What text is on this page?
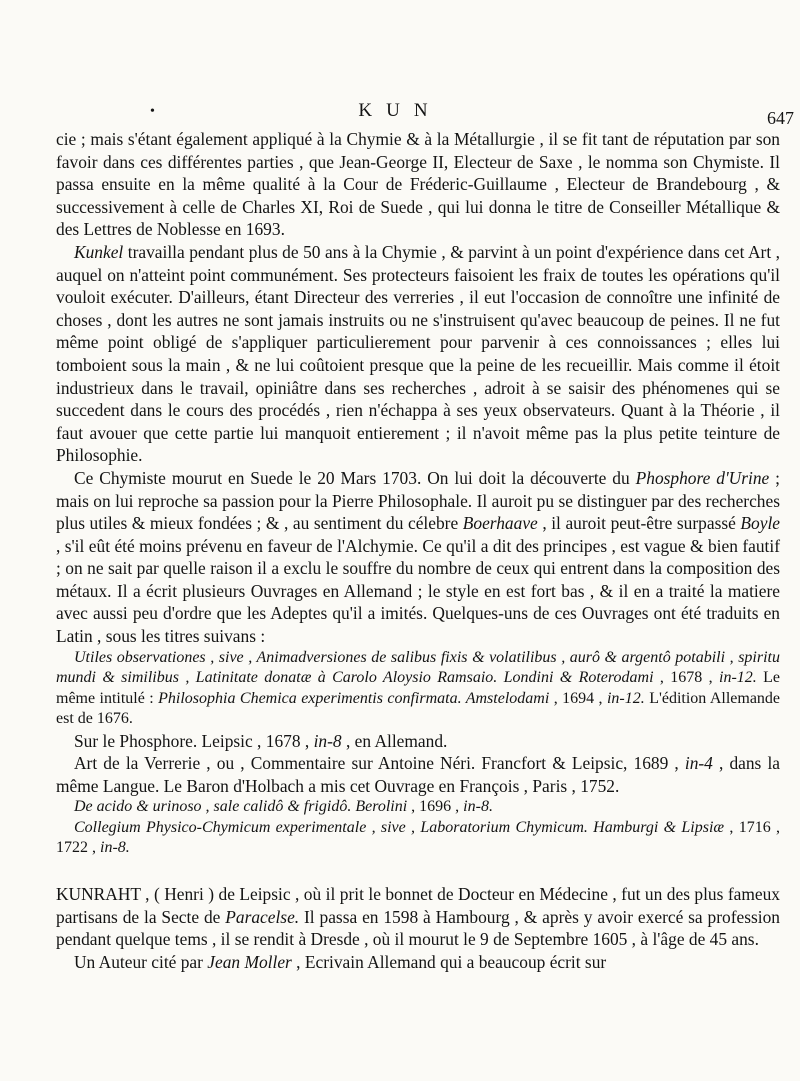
•	KUN	647

cie ; mais s'étant également appliqué à la Chymie & à la Métallurgie , il se fit tant de réputation par son favoir dans ces différentes parties , que Jean-George II, Electeur de Saxe , le nomma son Chymiste. Il passa ensuite en la même qualité à la Cour de Fréderic-Guillaume , Electeur de Brandebourg , & successivement à celle de Charles XI, Roi de Suede , qui lui donna le titre de Conseiller Métallique & des Lettres de Noblesse en 1693.

Kunkel travailla pendant plus de 50 ans à la Chymie , & parvint à un point d'expérience dans cet Art , auquel on n'atteint point communément. Ses protecteurs faisoient les fraix de toutes les opérations qu'il vouloit exécuter. D'ailleurs, étant Directeur des verreries , il eut l'occasion de connoître une infinité de choses , dont les autres ne sont jamais instruits ou ne s'instruisent qu'avec beaucoup de peines. Il ne fut même point obligé de s'appliquer particulierement pour parvenir à ces connoissances ; elles lui tomboient sous la main , & ne lui coûtoient presque que la peine de les recueillir. Mais comme il étoit industrieux dans le travail, opiniâtre dans ses recherches , adroit à se saisir des phénomenes qui se succedent dans le cours des procédés , rien n'échappa à ses yeux observateurs. Quant à la Théorie , il faut avouer que cette partie lui manquoit entierement ; il n'avoit même pas la plus petite teinture de Philosophie.

Ce Chymiste mourut en Suede le 20 Mars 1703. On lui doit la découverte du Phosphore d'Urine ; mais on lui reproche sa passion pour la Pierre Philosophale. Il auroit pu se distinguer par des recherches plus utiles & mieux fondées ; & , au sentiment du célebre Boerhaave , il auroit peut-être surpassé Boyle , s'il eût été moins prévenu en faveur de l'Alchymie. Ce qu'il a dit des principes , est vague & bien fautif ; on ne sait par quelle raison il a exclu le souffre du nombre de ceux qui entrent dans la composition des métaux. Il a écrit plusieurs Ouvrages en Allemand ; le style en est fort bas , & il en a traité la matiere avec aussi peu d'ordre que les Adeptes qu'il a imités. Quelques-uns de ces Ouvrages ont été traduits en Latin , sous les titres suivans :

Utiles observationes , sive , Animadversiones de salibus fixis & volatilibus , aurô & argentô potabili , spiritu mundi & similibus , Latinitate donatæ à Carolo Aloysio Ramsaio. Londini & Roterodami , 1678 , in-12. Le même intitulé : Philosophia Chemica experimentis confirmata. Amstelodami , 1694 , in-12. L'édition Allemande est de 1676.

Sur le Phosphore. Leipsic , 1678 , in-8 , en Allemand.

Art de la Verrerie , ou , Commentaire sur Antoine Néri. Francfort & Leipsic, 1689 , in-4 , dans la même Langue. Le Baron d'Holbach a mis cet Ouvrage en François , Paris , 1752.

De acido & urinoso , sale calidô & frigidô. Berolini , 1696 , in-8.

Collegium Physico-Chymicum experimentale , sive , Laboratorium Chymicum. Hamburgi & Lipsiæ , 1716 , 1722 , in-8.

KUNRAHT , ( Henri ) de Leipsic , où il prit le bonnet de Docteur en Médecine , fut un des plus fameux partisans de la Secte de Paracelse. Il passa en 1598 à Hambourg , & après y avoir exercé sa profession pendant quelque tems , il se rendit à Dresde , où il mourut le 9 de Septembre 1605 , à l'âge de 45 ans.

Un Auteur cité par Jean Moller , Ecrivain Allemand qui a beaucoup écrit sur
